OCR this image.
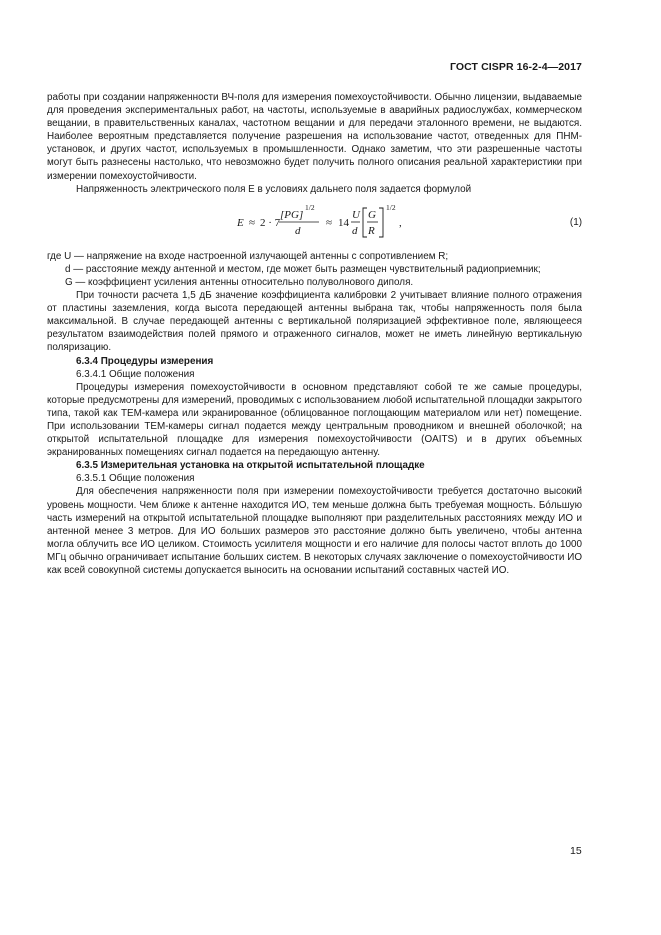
ГОСТ CISPR 16-2-4—2017

работы при создании напряженности ВЧ-поля для измерения помехоустойчивости. Обычно лицензии, выдаваемые для проведения экспериментальных работ, на частоты, используемые в аварийных радиослужбах, коммерческом вещании, в правительственных каналах, частотном вещании и для передачи эталонного времени, не выдаются. Наиболее вероятным представляется получение разрешения на использование частот, отведенных для ПНМ-установок, и других частот, используемых в промышленности. Однако заметим, что эти разрешенные частоты могут быть разнесены настолько, что невозможно будет получить полного описания реальной характеристики при измерении помехоустойчивости.

Напряженность электрического поля E в условиях дальнего поля задается формулой

E ≈ 2 · 7
[PG]
1/2
d
≈ 14
U
d
G
R
1/2
,	(1)

где U — напряжение на входе настроенной излучающей антенны с сопротивлением R;

d — расстояние между антенной и местом, где может быть размещен чувствительный радиоприемник;

G — коэффициент усиления антенны относительно полуволнового диполя.

При точности расчета 1,5 дБ значение коэффициента калибровки 2 учитывает влияние полного отражения от пластины заземления, когда высота передающей антенны выбрана так, чтобы напряженность поля была максимальной. В случае передающей антенны с вертикальной поляризацией эффективное поле, являющееся результатом взаимодействия полей прямого и отраженного сигналов, может не иметь линейную вертикальную поляризацию.

6.3.4 Процедуры измерения

6.3.4.1 Общие положения

Процедуры измерения помехоустойчивости в основном представляют собой те же самые процедуры, которые предусмотрены для измерений, проводимых с использованием любой испытательной площадки закрытого типа, такой как ТЕМ-камера или экранированное (облицованное поглощающим материалом или нет) помещение. При использовании ТЕМ-камеры сигнал подается между центральным проводником и внешней оболочкой; на открытой испытательной площадке для измерения помехоустойчивости (OAITS) и в других объемных экранированных помещениях сигнал подается на передающую антенну.

6.3.5 Измерительная установка на открытой испытательной площадке

6.3.5.1 Общие положения

Для обеспечения напряженности поля при измерении помехоустойчивости требуется достаточно высокий уровень мощности. Чем ближе к антенне находится ИО, тем меньше должна быть требуемая мощность. Бóльшую часть измерений на открытой испытательной площадке выполняют при разделительных расстояниях между ИО и антенной менее 3 метров. Для ИО больших размеров это расстояние должно быть увеличено, чтобы антенна могла облучить все ИО целиком. Стоимость усилителя мощности и его наличие для полосы частот вплоть до 1000 МГц обычно ограничивает испытание больших систем. В некоторых случаях заключение о помехоустойчивости ИО как всей совокупной системы допускается выносить на основании испытаний составных частей ИО.

15
